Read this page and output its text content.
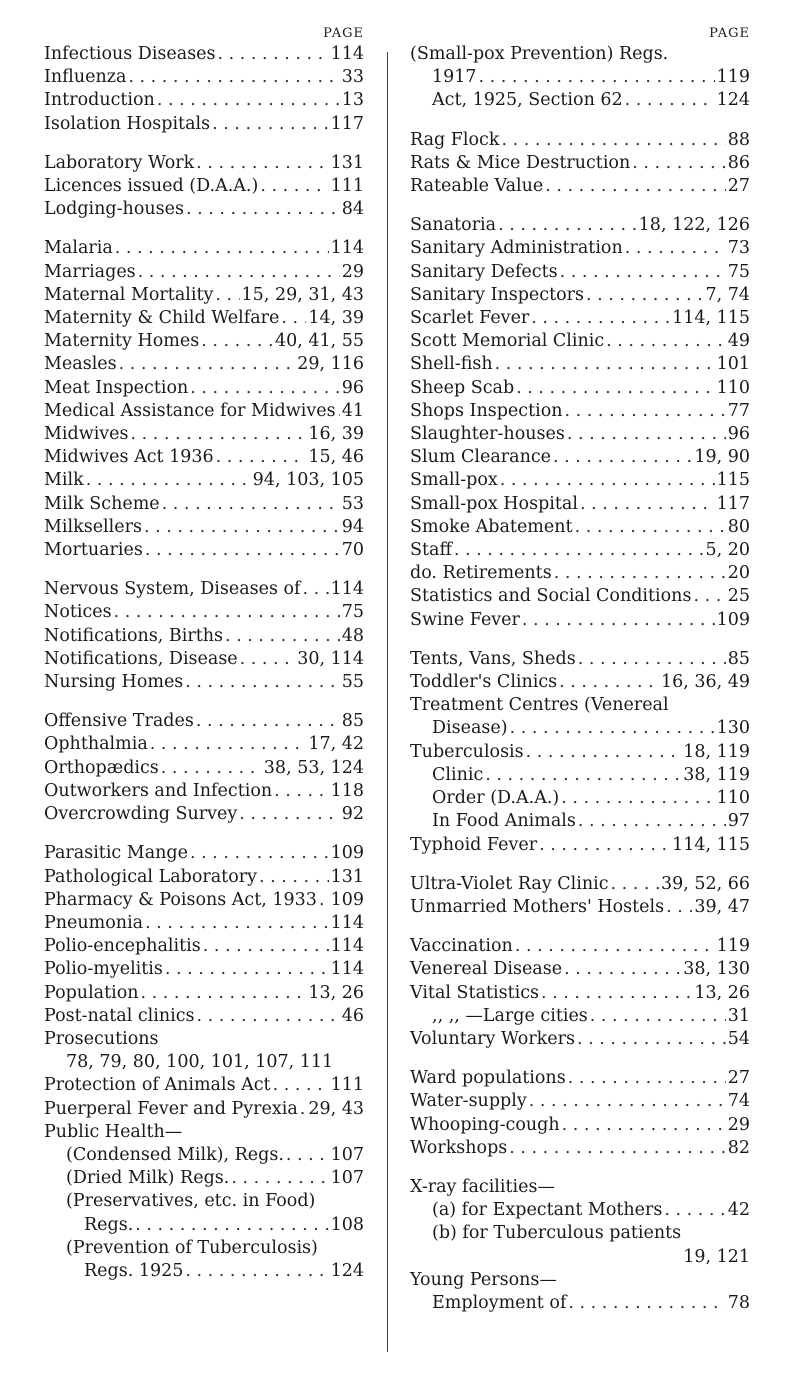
PAGE
Infectious Diseases . . .	114
Influenza . . .	33
Introduction . . .	13
Isolation Hospitals . . .	117
Laboratory Work . . .	131
Licences issued (D.A.A.) . . .	111
Lodging-houses . . .	84
Malaria . . .	114
Marriages . . .	29
Maternal Mortality . . . 15, 29, 31, 43
Maternity & Child Welfare . . . 14, 39
Maternity Homes . . .	40, 41, 55
Measles . . .	29, 116
Meat Inspection . . .	96
Medical Assistance for Midwives . . . 41
Midwives . . .	16, 39
Midwives Act 1936 . . .	15, 46
Milk . . .	94, 103, 105
Milk Scheme . . .	53
Milksellers . . .	94
Mortuaries . . .	70
Nervous System, Diseases of . . . 114
Notices . . .	75
Notifications, Births . . .	48
Notifications, Disease . . .	30, 114
Nursing Homes . . .	55
Offensive Trades . . .	85
Ophthalmia . . .	17, 42
Orthopædics . . .	38, 53, 124
Outworkers and Infection . . .	118
Overcrowding Survey . . .	92
Parasitic Mange . . .	109
Pathological Laboratory . . .	131
Pharmacy & Poisons Act, 1933 . . . 109
Pneumonia . . .	114
Polio-encephalitis . . .	114
Polio-myelitis . . .	114
Population . . .	13, 26
Post-natal clinics . . .	46
Prosecutions
78, 79, 80, 100, 101, 107, 111
Protection of Animals Act . . .	111
Puerperal Fever and Pyrexia . . . 29, 43
Public Health—
(Condensed Milk), Regs. . . .	107
(Dried Milk) Regs. . . .	107
(Preservatives, etc. in Food)
Regs. . . .	108
(Prevention of Tuberculosis)
Regs. 1925 . . .	124
PAGE
(Small-pox Prevention) Regs.
1917 . . .	119
Act, 1925, Section 62 . . .	124
Rag Flock . . .	88
Rats & Mice Destruction . . .	86
Rateable Value . . .	27
Sanatoria . . .	18, 122, 126
Sanitary Administration . . .	73
Sanitary Defects . . .	75
Sanitary Inspectors . . .	7, 74
Scarlet Fever . . .	114, 115
Scott Memorial Clinic . . .	49
Shell-fish . . .	101
Sheep Scab . . .	110
Shops Inspection . . .	77
Slaughter-houses . . .	96
Slum Clearance . . .	19, 90
Small-pox . . .	115
Small-pox Hospital . . .	117
Smoke Abatement . . .	80
Staff . . .	5, 20
do. Retirements . . .	20
Statistics and Social Conditions . . . 25
Swine Fever . . .	109
Tents, Vans, Sheds . . .	85
Toddler's Clinics . . .	16, 36, 49
Treatment Centres (Venereal
Disease) . . .	130
Tuberculosis . . .	18, 119
Clinic . . .	38, 119
Order (D.A.A.) . . .	110
In Food Animals . . .	97
Typhoid Fever . . .	114, 115
Ultra-Violet Ray Clinic . . .	39, 52, 66
Unmarried Mothers' Hostels . . . 39, 47
Vaccination . . .	119
Venereal Disease . . .	38, 130
Vital Statistics . . .	13, 26
,, ,, —Large cities . . .	31
Voluntary Workers . . .	54
Ward populations . . .	27
Water-supply . . .	74
Whooping-cough . . .	29
Workshops . . .	82
X-ray facilities—
(a) for Expectant Mothers . . .	42
(b) for Tuberculous patients
19, 121
Young Persons—
Employment of . . .	78
